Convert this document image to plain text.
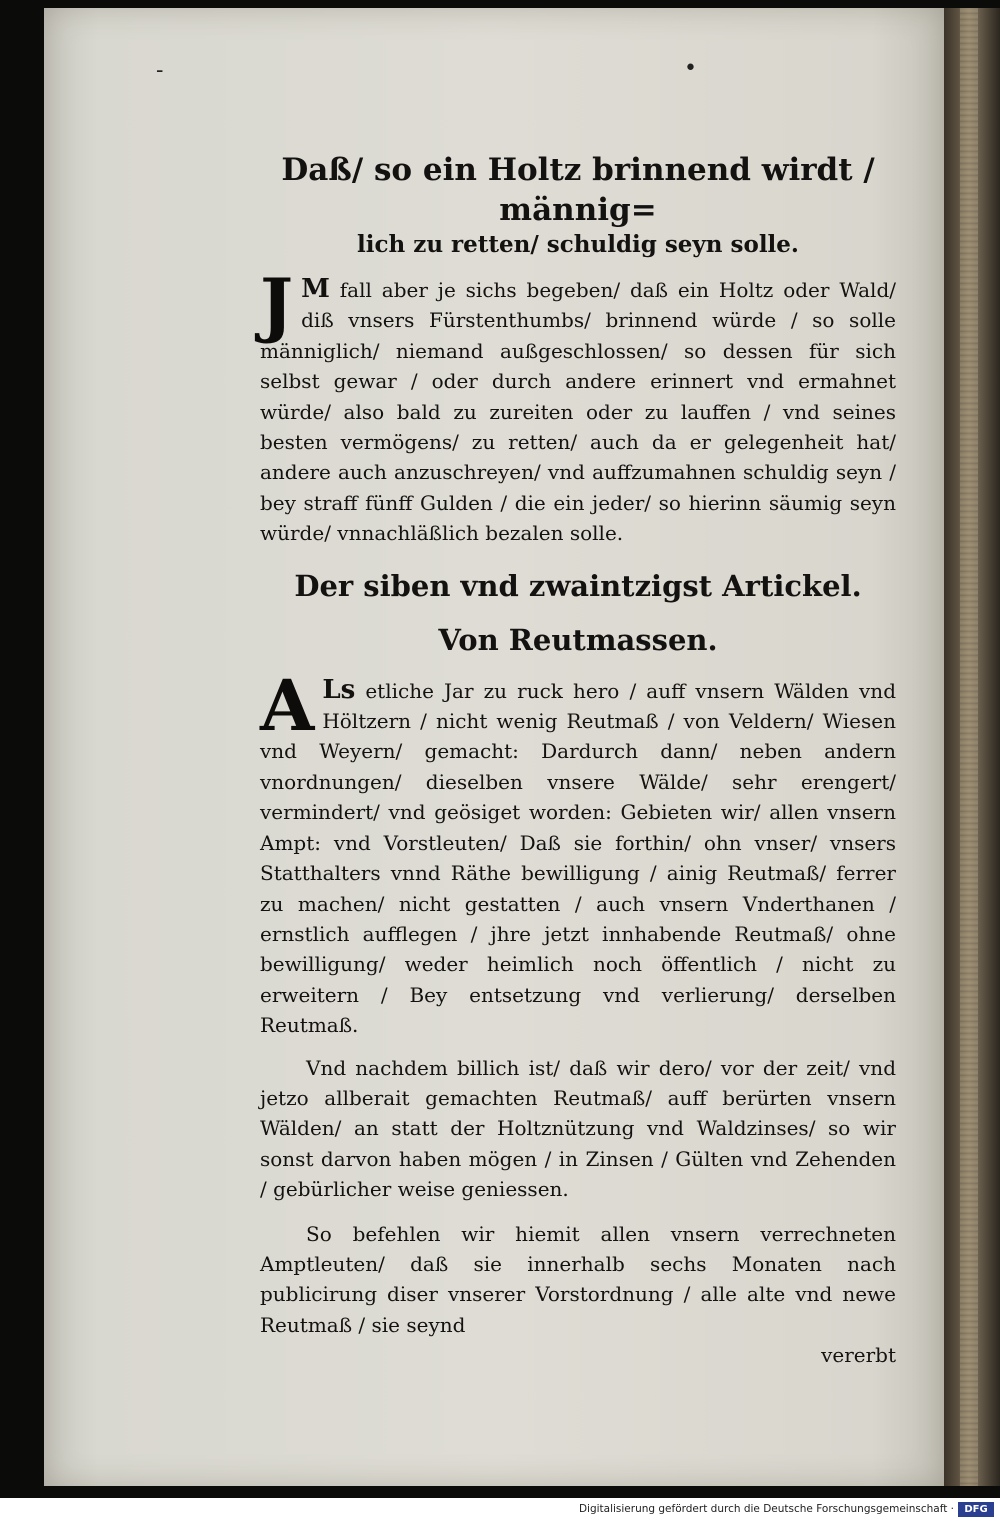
-	•

Daß/ so ein Holtz brinnend wirdt / männig=

lich zu retten/ schuldig seyn solle.

J M fall aber je sichs begeben/ daß ein Holtz oder Wald/ diß vnsers Fürstenthumbs/ brinnend würde / so solle männiglich/ niemand außgeschlossen/ so dessen für sich selbst gewar / oder durch andere erinnert vnd ermahnet würde/ also bald zu zureiten oder zu lauffen / vnd seines besten vermögens/ zu retten/ auch da er gelegenheit hat/ andere auch anzuschreyen/ vnd auffzumahnen schuldig seyn / bey straff fünff Gulden / die ein jeder/ so hierinn säumig seyn würde/ vnnachläßlich bezalen solle.

Der siben vnd zwaintzigst Artickel.

Von Reutmassen.

A Ls etliche Jar zu ruck hero / auff vnsern Wälden vnd Höltzern / nicht wenig Reutmaß / von Veldern/ Wiesen vnd Weyern/ gemacht: Dardurch dann/ neben andern vnordnungen/ dieselben vnsere Wälde/ sehr erengert/ vermindert/ vnd geösiget worden: Gebieten wir/ allen vnsern Ampt: vnd Vorstleuten/ Daß sie forthin/ ohn vnser/ vnsers Statthalters vnnd Räthe bewilligung / ainig Reutmaß/ ferrer zu machen/ nicht gestatten / auch vnsern Vnderthanen / ernstlich aufflegen / jhre jetzt innhabende Reutmaß/ ohne bewilligung/ weder heimlich noch öffentlich / nicht zu erweitern / Bey entsetzung vnd verlierung/ derselben Reutmaß.

Vnd nachdem billich ist/ daß wir dero/ vor der zeit/ vnd jetzo allberait gemachten Reutmaß/ auff berürten vnsern Wälden/ an statt der Holtznützung vnd Waldzinses/ so wir sonst darvon haben mögen / in Zinsen / Gülten vnd Zehenden / gebürlicher weise geniessen.

So befehlen wir hiemit allen vnsern verrechneten Amptleuten/ daß sie innerhalb sechs Monaten nach publicirung diser vnserer Vorstordnung / alle alte vnd newe Reutmaß / sie seynd

vererbt

Digitalisierung gefördert durch die Deutsche Forschungsgemeinschaft ·	DFG
